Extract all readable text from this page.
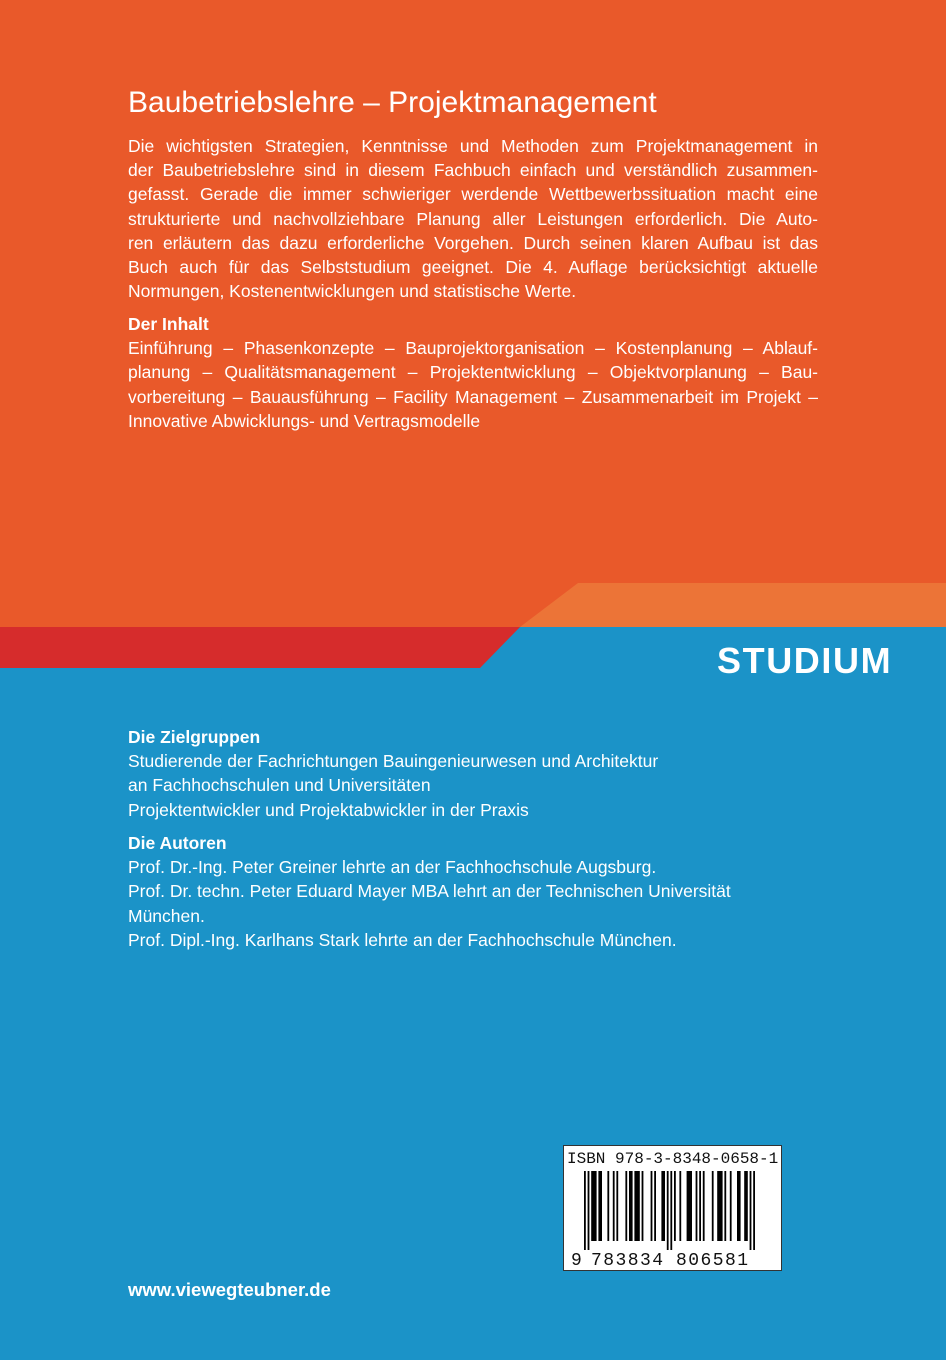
Baubetriebslehre – Projektmanagement
Die wichtigsten Strategien, Kenntnisse und Methoden zum Projektmanagement in
der Baubetriebslehre sind in diesem Fachbuch einfach und verständlich zusammen-
gefasst. Gerade die immer schwieriger werdende Wettbewerbssituation macht eine
strukturierte und nachvollziehbare Planung aller Leistungen erforderlich. Die Auto-
ren erläutern das dazu erforderliche Vorgehen. Durch seinen klaren Aufbau ist das
Buch auch für das Selbststudium geeignet. Die 4. Auflage berücksichtigt aktuelle
Normungen, Kostenentwicklungen und statistische Werte.
Der Inhalt
Einführung – Phasenkonzepte – Bauprojektorganisation – Kostenplanung – Ablauf-
planung – Qualitätsmanagement – Projektentwicklung – Objektvorplanung – Bau-
vorbereitung – Bauausführung – Facility Management – Zusammenarbeit im Projekt –
Innovative Abwicklungs- und Vertragsmodelle
STUDIUM
Die Zielgruppen
Studierende der Fachrichtungen Bauingenieurwesen und Architektur
an Fachhochschulen und Universitäten
Projektentwickler und Projektabwickler in der Praxis
Die Autoren
Prof. Dr.-Ing. Peter Greiner lehrte an der Fachhochschule Augsburg.
Prof. Dr. techn. Peter Eduard Mayer MBA lehrt an der Technischen Universität
München.
Prof. Dipl.-Ing. Karlhans Stark lehrte an der Fachhochschule München.
ISBN 978-3-8348-0658-1
9 783834 806581
www.viewegteubner.de
